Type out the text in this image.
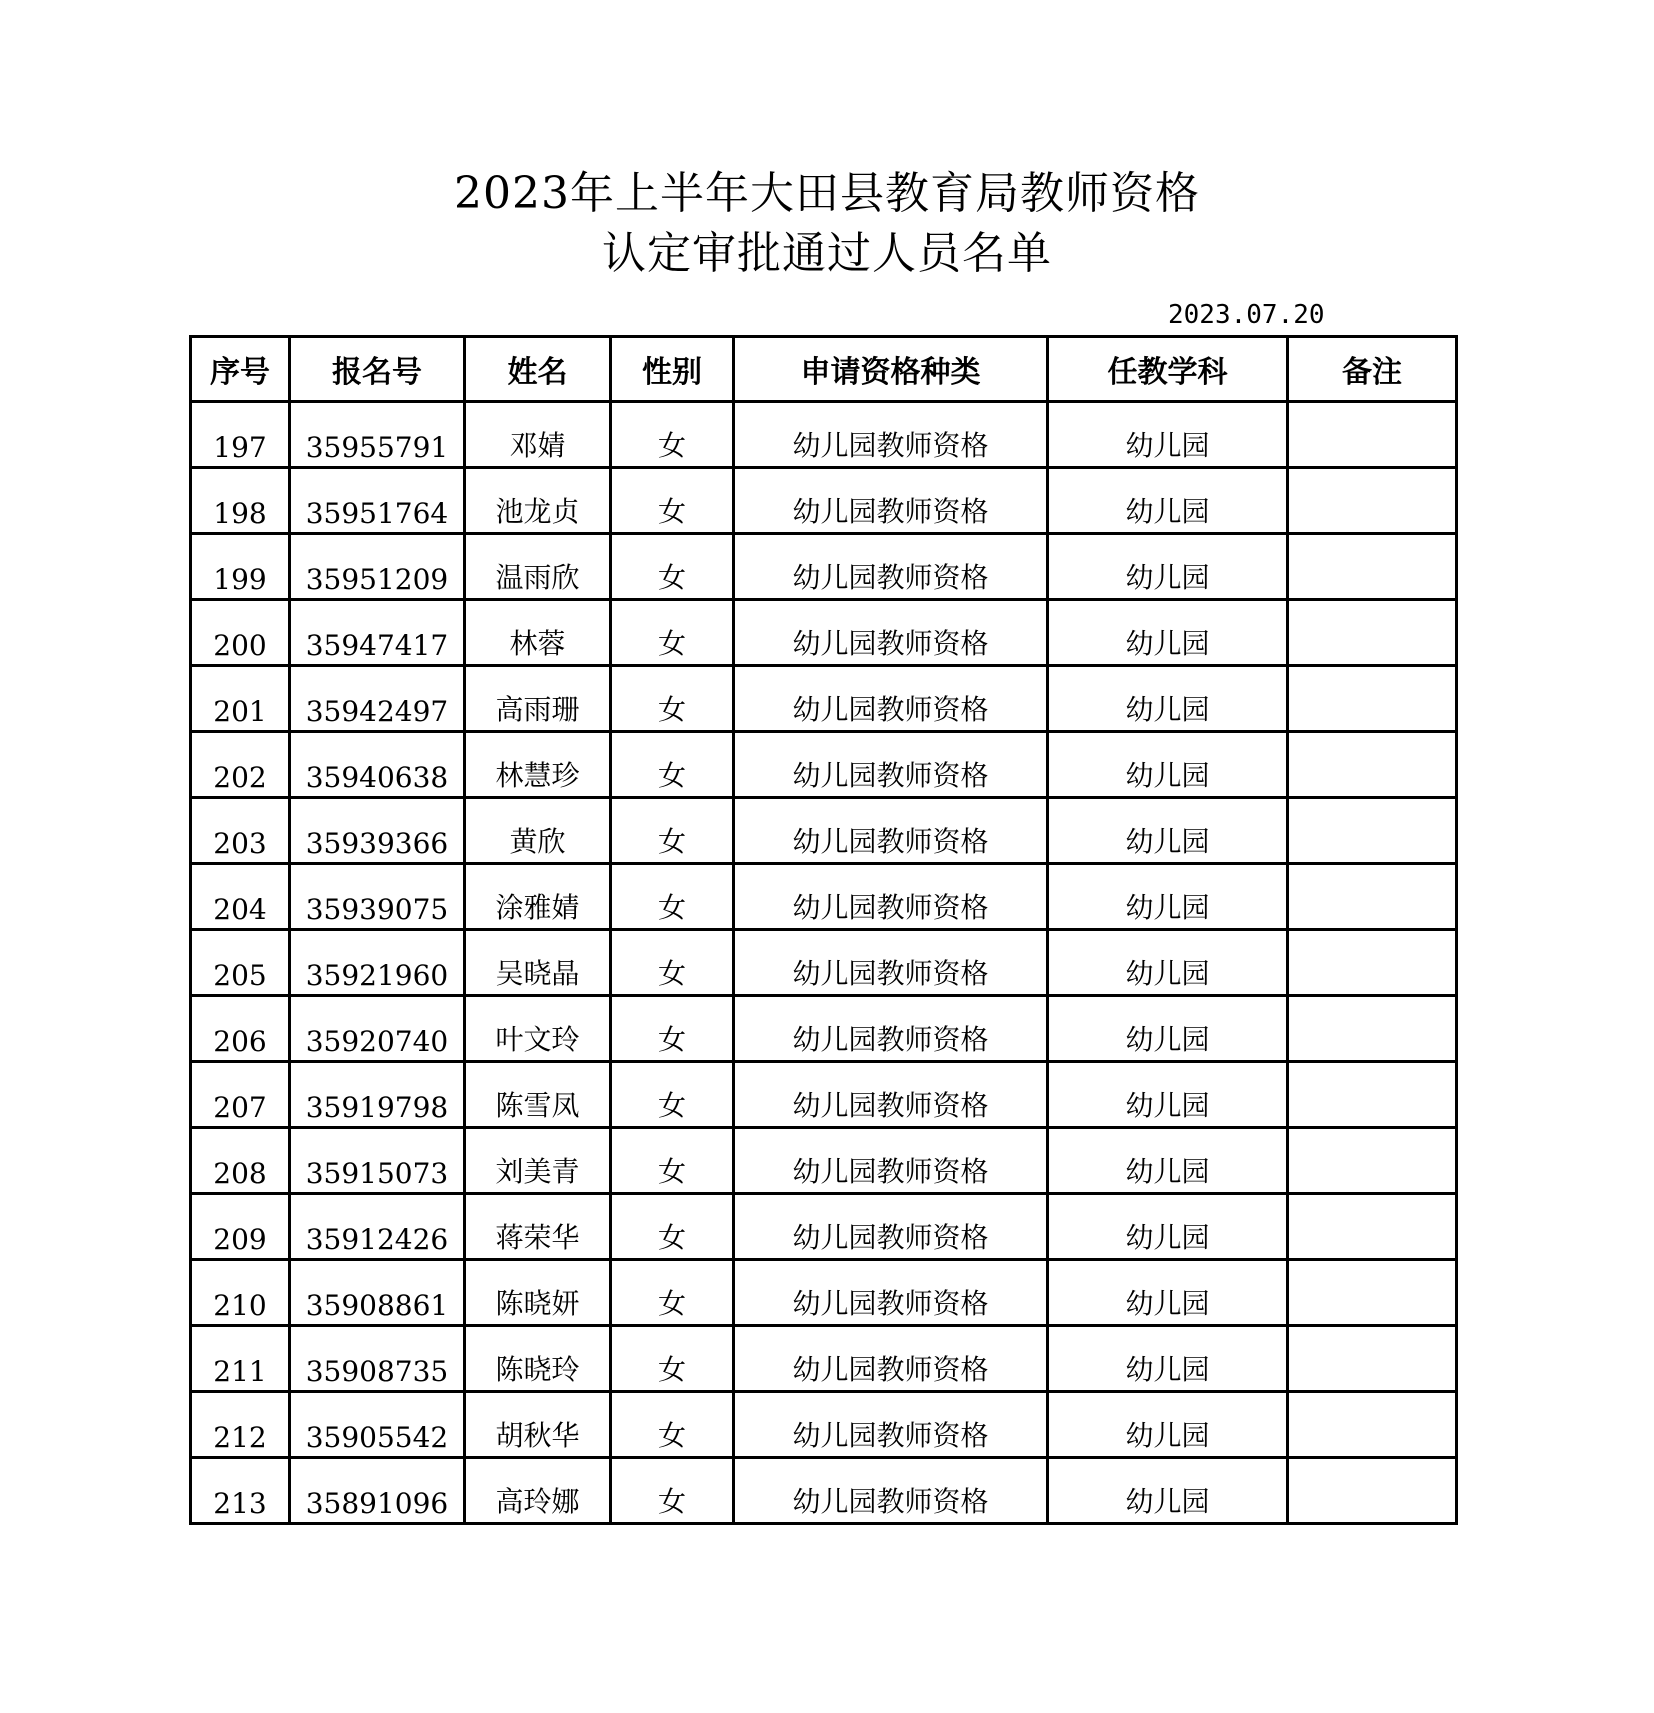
2023年上半年大田县教育局教师资格
认定审批通过人员名单
2023.07.20
序号	报名号	姓名	性别	申请资格种类	任教学科	备注
197	35955791	邓婧	女	幼儿园教师资格	幼儿园	
198	35951764	池龙贞	女	幼儿园教师资格	幼儿园	
199	35951209	温雨欣	女	幼儿园教师资格	幼儿园	
200	35947417	林蓉	女	幼儿园教师资格	幼儿园	
201	35942497	高雨珊	女	幼儿园教师资格	幼儿园	
202	35940638	林慧珍	女	幼儿园教师资格	幼儿园	
203	35939366	黄欣	女	幼儿园教师资格	幼儿园	
204	35939075	涂雅婧	女	幼儿园教师资格	幼儿园	
205	35921960	吴晓晶	女	幼儿园教师资格	幼儿园	
206	35920740	叶文玲	女	幼儿园教师资格	幼儿园	
207	35919798	陈雪凤	女	幼儿园教师资格	幼儿园	
208	35915073	刘美青	女	幼儿园教师资格	幼儿园	
209	35912426	蒋荣华	女	幼儿园教师资格	幼儿园	
210	35908861	陈晓妍	女	幼儿园教师资格	幼儿园	
211	35908735	陈晓玲	女	幼儿园教师资格	幼儿园	
212	35905542	胡秋华	女	幼儿园教师资格	幼儿园	
213	35891096	高玲娜	女	幼儿园教师资格	幼儿园	
